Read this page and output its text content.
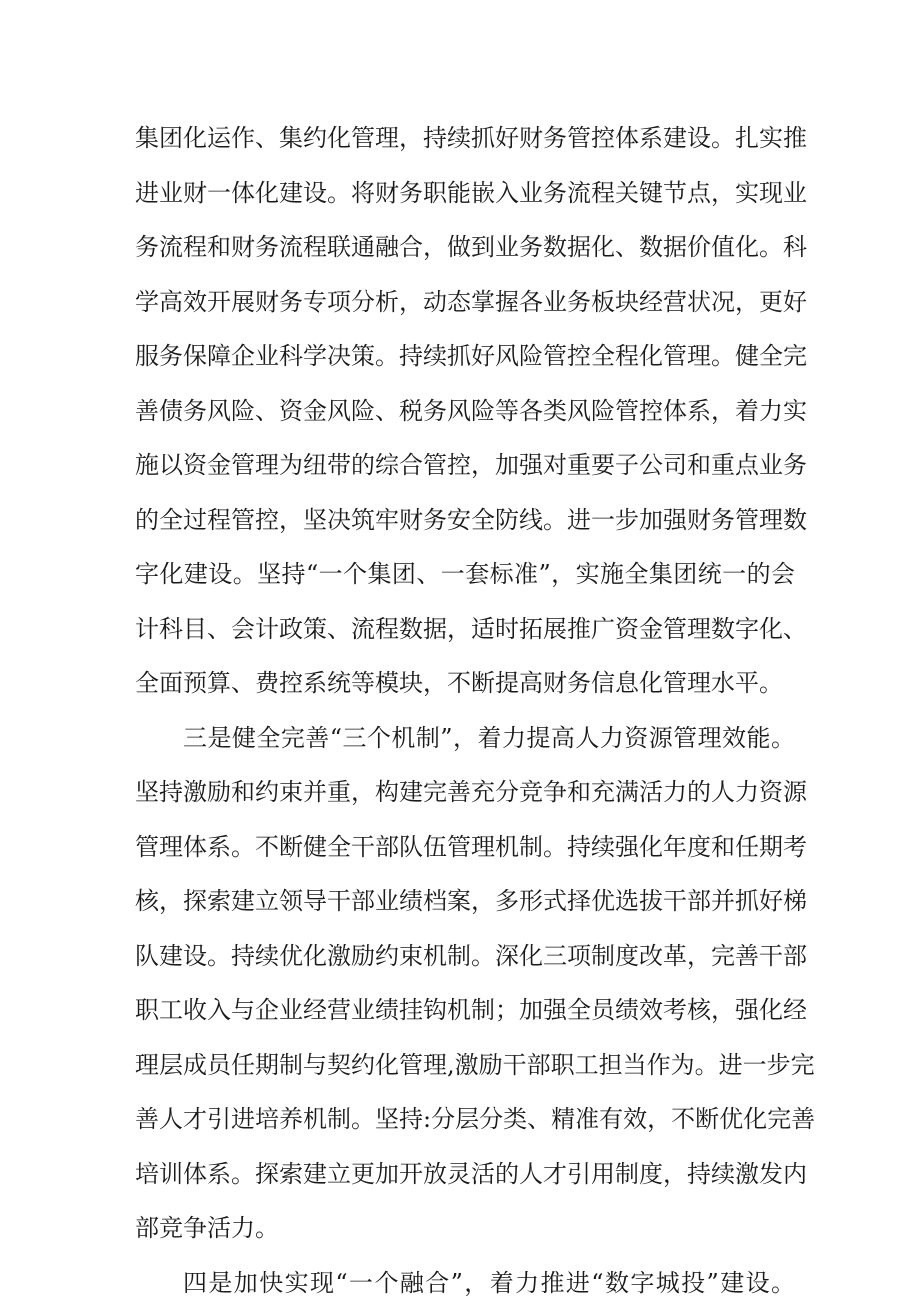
集团化运作、集约化管理，持续抓好财务管控体系建设。扎实推
进业财一体化建设。将财务职能嵌入业务流程关键节点，实现业
务流程和财务流程联通融合，做到业务数据化、数据价值化。科
学高效开展财务专项分析，动态掌握各业务板块经营状况，更好
服务保障企业科学决策。持续抓好风险管控全程化管理。健全完
善债务风险、资金风险、税务风险等各类风险管控体系，着力实
施以资金管理为纽带的综合管控，加强对重要子公司和重点业务
的全过程管控，坚决筑牢财务安全防线。进一步加强财务管理数
字化建设。坚持“一个集团、一套标准”，实施全集团统一的会
计科目、会计政策、流程数据，适时拓展推广资金管理数字化、
全面预算、费控系统等模块，不断提高财务信息化管理水平。
三是健全完善“三个机制”，着力提高人力资源管理效能。
坚持激励和约束并重，构建完善充分竞争和充满活力的人力资源
管理体系。不断健全干部队伍管理机制。持续强化年度和任期考
核，探索建立领导干部业绩档案，多形式择优选拔干部并抓好梯
队建设。持续优化激励约束机制。深化三项制度改革，完善干部
职工收入与企业经营业绩挂钩机制；加强全员绩效考核，强化经
理层成员任期制与契约化管理,激励干部职工担当作为。进一步完
善人才引进培养机制。坚持:分层分类、精准有效，不断优化完善
培训体系。探索建立更加开放灵活的人才引用制度，持续激发内
部竞争活力。
四是加快实现“一个融合”，着力推进“数字城投”建设。
